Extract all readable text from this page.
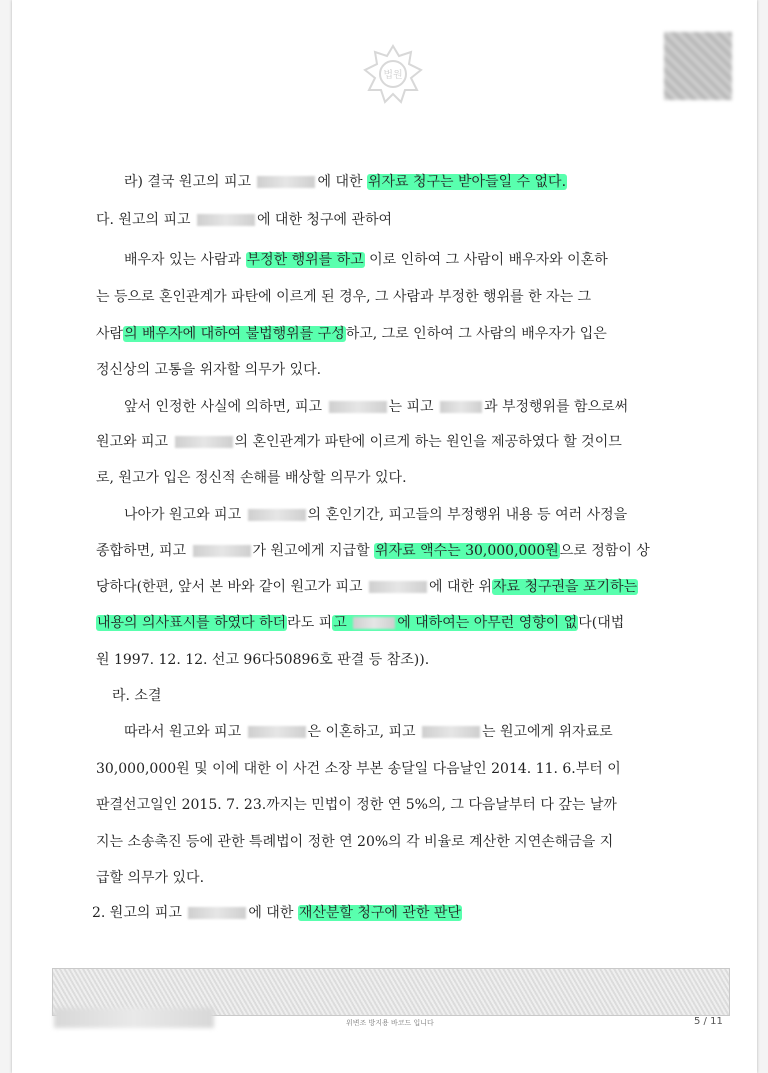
법원
라) 결국 원고의 피고	에 대한 위자료 청구는 받아들일 수 없다.
다. 원고의 피고	에 대한 청구에 관하여
배우자 있는 사람과 부정한 행위를 하고 이로 인하여 그 사람이 배우자와 이혼하
는 등으로 혼인관계가 파탄에 이르게 된 경우, 그 사람과 부정한 행위를 한 자는 그
사람의 배우자에 대하여 불법행위를 구성하고, 그로 인하여 그 사람의 배우자가 입은
정신상의 고통을 위자할 의무가 있다.
앞서 인정한 사실에 의하면, 피고	는 피고	과 부정행위를 함으로써
원고와 피고	의 혼인관계가 파탄에 이르게 하는 원인을 제공하였다 할 것이므
로, 원고가 입은 정신적 손해를 배상할 의무가 있다.
나아가 원고와 피고	의 혼인기간, 피고들의 부정행위 내용 등 여러 사정을
종합하면, 피고	가 원고에게 지급할 위자료 액수는 30,000,000원으로 정함이 상
당하다(한편, 앞서 본 바와 같이 원고가 피고	에 대한 위자료 청구권을 포기하는
내용의 의사표시를 하였다 하더라도 피고	에 대하여는 아무런 영향이 없다(대법
원 1997. 12. 12. 선고 96다50896호 판결 등 참조)).
라. 소결
따라서 원고와 피고	은 이혼하고, 피고	는 원고에게 위자료로
30,000,000원 및 이에 대한 이 사건 소장 부본 송달일 다음날인 2014. 11. 6.부터 이
판결선고일인 2015. 7. 23.까지는 민법이 정한 연 5%의, 그 다음날부터 다 갚는 날까
지는 소송촉진 등에 관한 특례법이 정한 연 20%의 각 비율로 계산한 지연손해금을 지
급할 의무가 있다.
2. 원고의 피고	에 대한 재산분할 청구에 관한 판단
위변조 방지용 바코드 입니다	5 / 11
